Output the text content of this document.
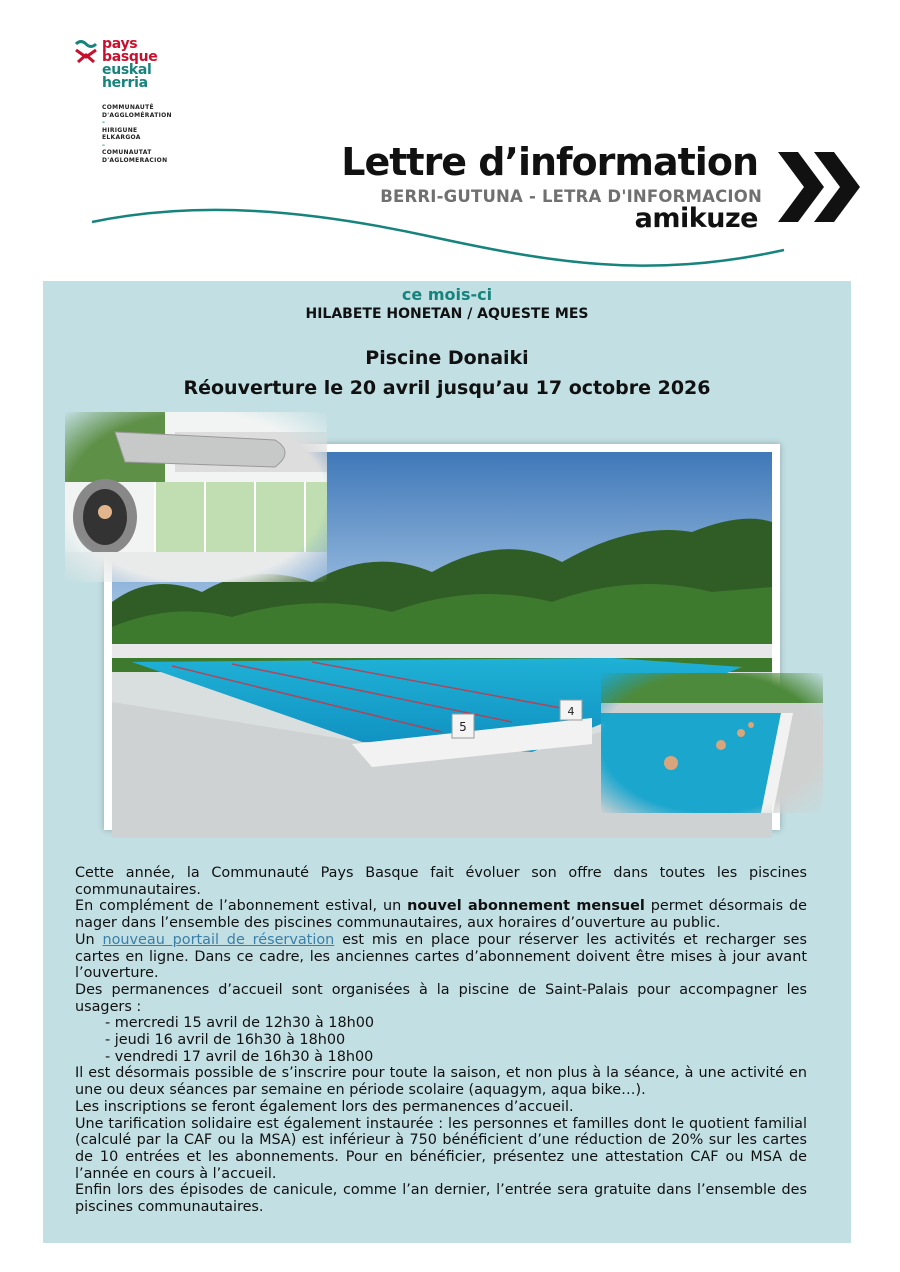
pays
basque
euskal
herria
COMMUNAUTÉ
D'AGGLOMÉRATION
–
HIRIGUNE
ELKARGOA
–
COMUNAUTAT
D'AGLOMERACION	Lettre d’information
BERRI-GUTUNA - LETRA D'INFORMACION
amikuze
ce mois-ci
HILABETE HONETAN / AQUESTE MES
Piscine Donaiki
Réouverture le 20 avril jusqu’au 17 octobre 2026
5
4

Cette année, la Communauté Pays Basque fait évoluer son offre dans toutes les piscines communautaires.

En complément de l’abonnement estival, un nouvel abonnement mensuel permet désormais de nager dans l’ensemble des piscines communautaires, aux horaires d’ouverture au public.

Un nouveau portail de réservation est mis en place pour réserver les activités et recharger ses cartes en ligne. Dans ce cadre, les anciennes cartes d’abonnement doivent être mises à jour avant l’ouverture.

Des permanences d’accueil sont organisées à la piscine de Saint-Palais pour accompagner les usagers :

- mercredi 15 avril de 12h30 à 18h00

- jeudi 16 avril de 16h30 à 18h00

- vendredi 17 avril de 16h30 à 18h00

Il est désormais possible de s’inscrire pour toute la saison, et non plus à la séance, à une activité en une ou deux séances par semaine en période scolaire (aquagym, aqua bike…).

Les inscriptions se feront également lors des permanences d’accueil.

Une tarification solidaire est également instaurée : les personnes et familles dont le quotient familial (calculé par la CAF ou la MSA) est inférieur à 750 bénéficient d’une réduction de 20% sur les cartes de 10 entrées et les abonnements. Pour en bénéficier, présentez une attestation CAF ou MSA de l’année en cours à l’accueil.

Enfin lors des épisodes de canicule, comme l’an dernier, l’entrée sera gratuite dans l’ensemble des piscines communautaires.
